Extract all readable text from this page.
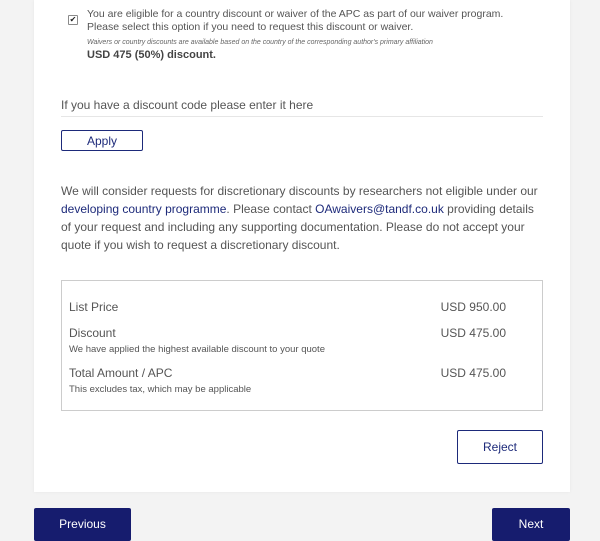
✔ You are eligible for a country discount or waiver of the APC as part of our waiver program. Please select this option if you need to request this discount or waiver.
Waivers or country discounts are available based on the country of the corresponding author's primary affiliation
USD 475 (50%) discount.
If you have a discount code please enter it here
Apply
We will consider requests for discretionary discounts by researchers not eligible under our developing country programme. Please contact OAwaivers@tandf.co.uk providing details of your request and including any supporting documentation. Please do not accept your quote if you wish to request a discretionary discount.
List Price	USD 950.00
Discount
We have applied the highest available discount to your quote
USD 475.00
Total Amount / APC
This excludes tax, which may be applicable
USD 475.00
Reject
Previous	Next
